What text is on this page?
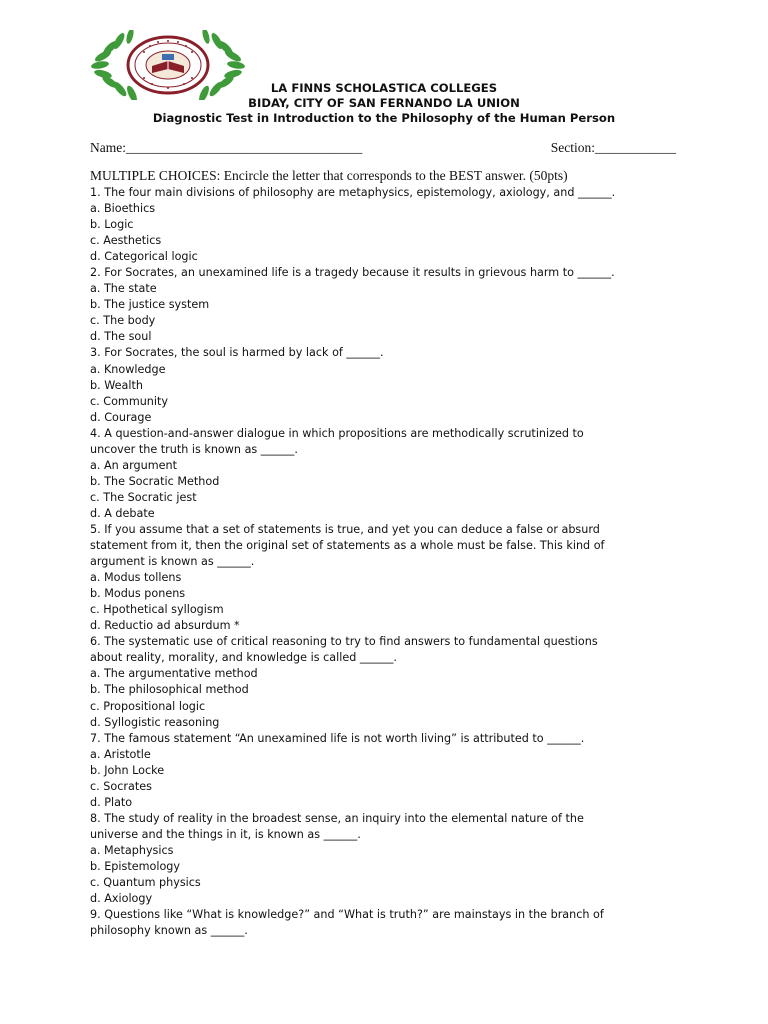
LA FINNS SCHOLASTICA COLLEGES
BIDAY, CITY OF SAN FERNANDO LA UNION
Diagnostic Test in Introduction to the Philosophy of the Human Person
Name:___________________________________	Section:____________
MULTIPLE CHOICES: Encircle the letter that corresponds to the BEST answer. (50pts)
1. The four main divisions of philosophy are metaphysics, epistemology, axiology, and ______.
a. Bioethics
b. Logic
c. Aesthetics
d. Categorical logic
2. For Socrates, an unexamined life is a tragedy because it results in grievous harm to ______.
a. The state
b. The justice system
c. The body
d. The soul
3. For Socrates, the soul is harmed by lack of ______.
a. Knowledge
b. Wealth
c. Community
d. Courage
4. A question-and-answer dialogue in which propositions are methodically scrutinized to
uncover the truth is known as ______.
a. An argument
b. The Socratic Method
c. The Socratic jest
d. A debate
5. If you assume that a set of statements is true, and yet you can deduce a false or absurd
statement from it, then the original set of statements as a whole must be false. This kind of
argument is known as ______.
a. Modus tollens
b. Modus ponens
c. Hpothetical syllogism
d. Reductio ad absurdum *
6. The systematic use of critical reasoning to try to find answers to fundamental questions
about reality, morality, and knowledge is called ______.
a. The argumentative method
b. The philosophical method
c. Propositional logic
d. Syllogistic reasoning
7. The famous statement “An unexamined life is not worth living” is attributed to ______.
a. Aristotle
b. John Locke
c. Socrates
d. Plato
8. The study of reality in the broadest sense, an inquiry into the elemental nature of the
universe and the things in it, is known as ______.
a. Metaphysics
b. Epistemology
c. Quantum physics
d. Axiology
9. Questions like “What is knowledge?” and “What is truth?” are mainstays in the branch of
philosophy known as ______.
